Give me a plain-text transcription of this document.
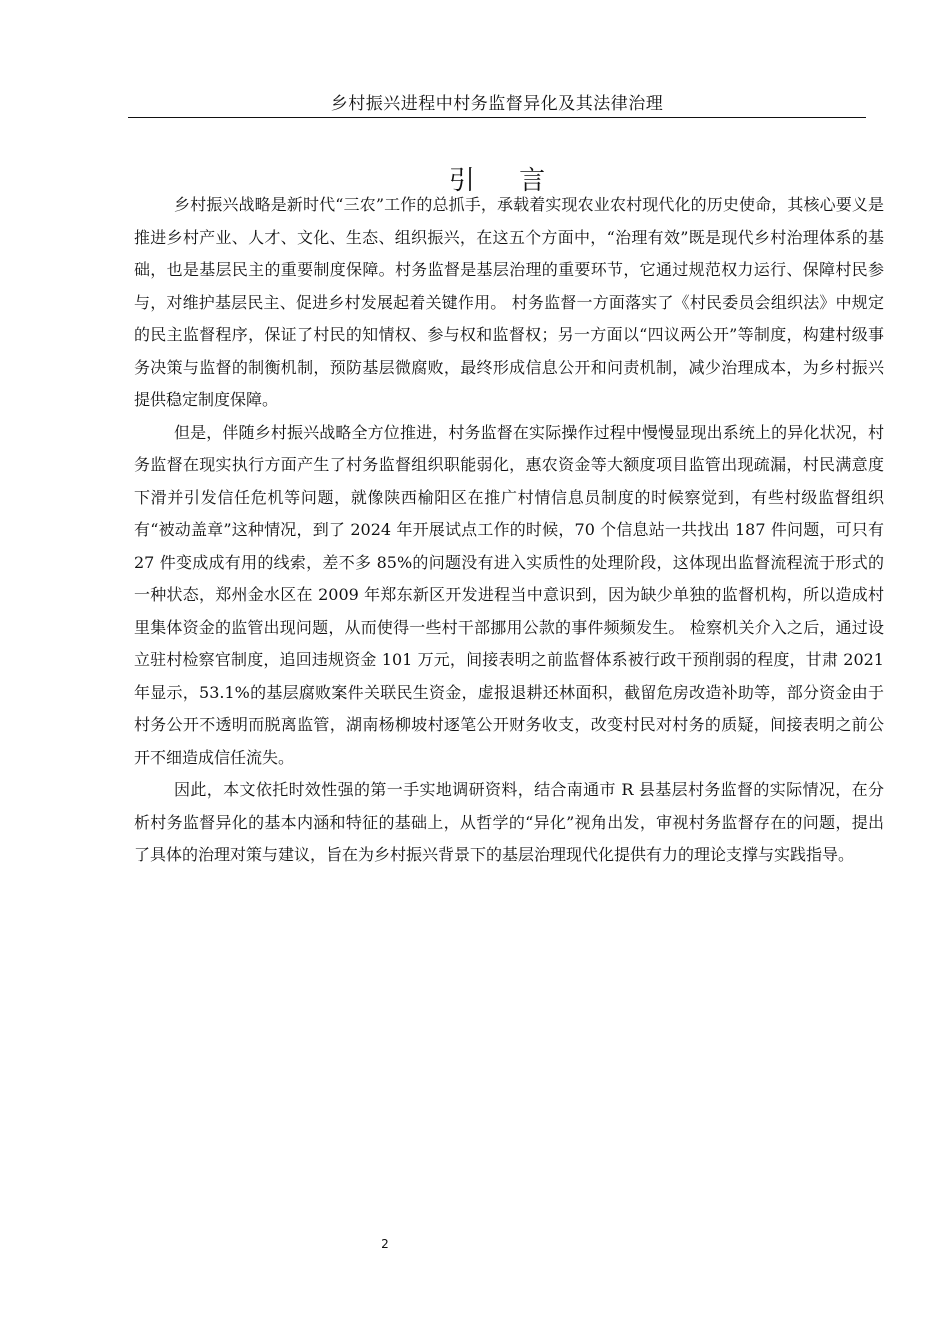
乡村振兴进程中村务监督异化及其法律治理
引 言

乡村振兴战略是新时代“三农”工作的总抓手，承载着实现农业农村现代化的历史使命，其核心要义是推进乡村产业、人才、文化、生态、组织振兴，在这五个方面中，“治理有效”既是现代乡村治理体系的基础，也是基层民主的重要制度保障。村务监督是基层治理的重要环节，它通过规范权力运行、保障村民参与，对维护基层民主、促进乡村发展起着关键作用。 村务监督一方面落实了《村民委员会组织法》中规定的民主监督程序，保证了村民的知情权、参与权和监督权；另一方面以“四议两公开”等制度，构建村级事务决策与监督的制衡机制，预防基层微腐败，最终形成信息公开和问责机制，减少治理成本，为乡村振兴提供稳定制度保障。

但是，伴随乡村振兴战略全方位推进，村务监督在实际操作过程中慢慢显现出系统上的异化状况，村务监督在现实执行方面产生了村务监督组织职能弱化，惠农资金等大额度项目监管出现疏漏，村民满意度下滑并引发信任危机等问题，就像陕西榆阳区在推广村情信息员制度的时候察觉到，有些村级监督组织有“被动盖章”这种情况，到了 2024 年开展试点工作的时候，70 个信息站一共找出 187 件问题，可只有 27 件变成成有用的线索，差不多 85%的问题没有进入实质性的处理阶段，这体现出监督流程流于形式的一种状态，郑州金水区在 2009 年郑东新区开发进程当中意识到，因为缺少单独的监督机构，所以造成村里集体资金的监管出现问题，从而使得一些村干部挪用公款的事件频频发生。 检察机关介入之后，通过设立驻村检察官制度，追回违规资金 101 万元，间接表明之前监督体系被行政干预削弱的程度，甘肃 2021 年显示，53.1%的基层腐败案件关联民生资金，虚报退耕还林面积，截留危房改造补助等，部分资金由于村务公开不透明而脱离监管，湖南杨柳坡村逐笔公开财务收支，改变村民对村务的质疑，间接表明之前公开不细造成信任流失。

因此，本文依托时效性强的第一手实地调研资料，结合南通市 R 县基层村务监督的实际情况，在分析村务监督异化的基本内涵和特征的基础上，从哲学的“异化”视角出发，审视村务监督存在的问题，提出了具体的治理对策与建议，旨在为乡村振兴背景下的基层治理现代化提供有力的理论支撑与实践指导。

2
